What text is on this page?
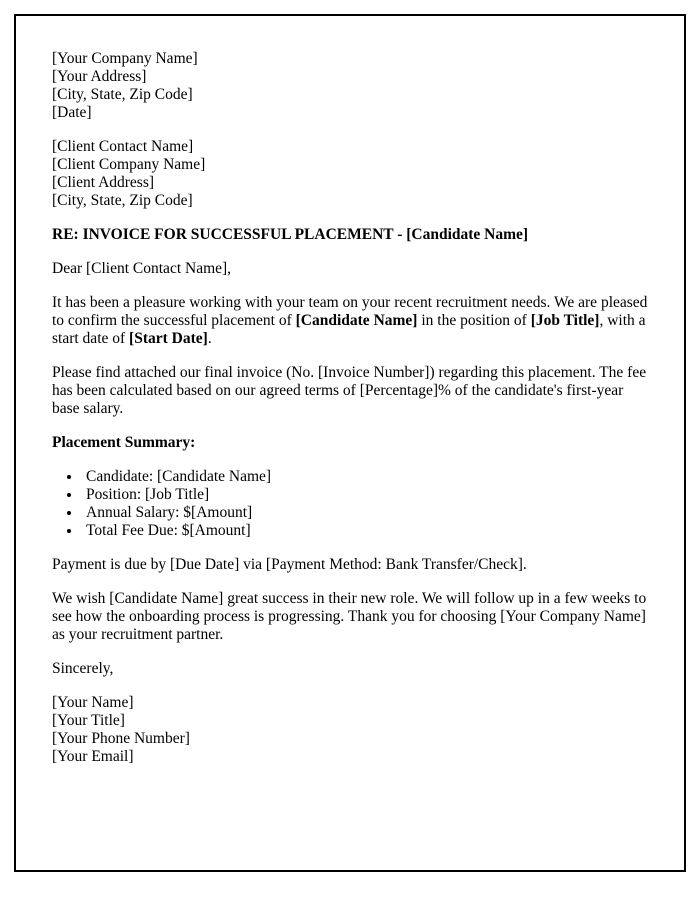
[Your Company Name]
[Your Address]
[City, State, Zip Code]
[Date]
[Client Contact Name]
[Client Company Name]
[Client Address]
[City, State, Zip Code]
RE: INVOICE FOR SUCCESSFUL PLACEMENT - [Candidate Name]

Dear [Client Contact Name],

It has been a pleasure working with your team on your recent recruitment needs. We are pleased to confirm the successful placement of [Candidate Name] in the position of [Job Title], with a start date of [Start Date].

Please find attached our final invoice (No. [Invoice Number]) regarding this placement. The fee has been calculated based on our agreed terms of [Percentage]% of the candidate's first-year base salary.

Placement Summary:
• Candidate: [Candidate Name]
• Position: [Job Title]
• Annual Salary: $[Amount]
• Total Fee Due: $[Amount]

Payment is due by [Due Date] via [Payment Method: Bank Transfer/Check].

We wish [Candidate Name] great success in their new role. We will follow up in a few weeks to see how the onboarding process is progressing. Thank you for choosing [Your Company Name] as your recruitment partner.

Sincerely,

[Your Name]
[Your Title]
[Your Phone Number]
[Your Email]
